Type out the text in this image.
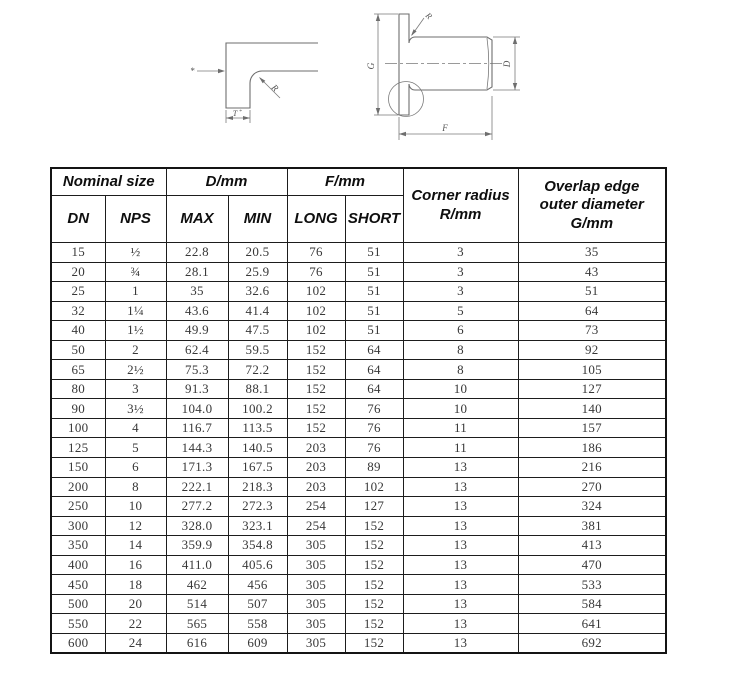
*
R
T *
R
G	D
F
Nominal size		D/mm		F/mm		Corner radius
R/mm	Overlap edge
outer diameter
G/mm
DN	NPS	MAX	MIN	LONG	SHORT		
15	½	22.8	20.5	76	51	3	35
20	¾	28.1	25.9	76	51	3	43
25	1	35	32.6	102	51	3	51
32	1¼	43.6	41.4	102	51	5	64
40	1½	49.9	47.5	102	51	6	73
50	2	62.4	59.5	152	64	8	92
65	2½	75.3	72.2	152	64	8	105
80	3	91.3	88.1	152	64	10	127
90	3½	104.0	100.2	152	76	10	140
100	4	116.7	113.5	152	76	11	157
125	5	144.3	140.5	203	76	11	186
150	6	171.3	167.5	203	89	13	216
200	8	222.1	218.3	203	102	13	270
250	10	277.2	272.3	254	127	13	324
300	12	328.0	323.1	254	152	13	381
350	14	359.9	354.8	305	152	13	413
400	16	411.0	405.6	305	152	13	470
450	18	462	456	305	152	13	533
500	20	514	507	305	152	13	584
550	22	565	558	305	152	13	641
600	24	616	609	305	152	13	692
